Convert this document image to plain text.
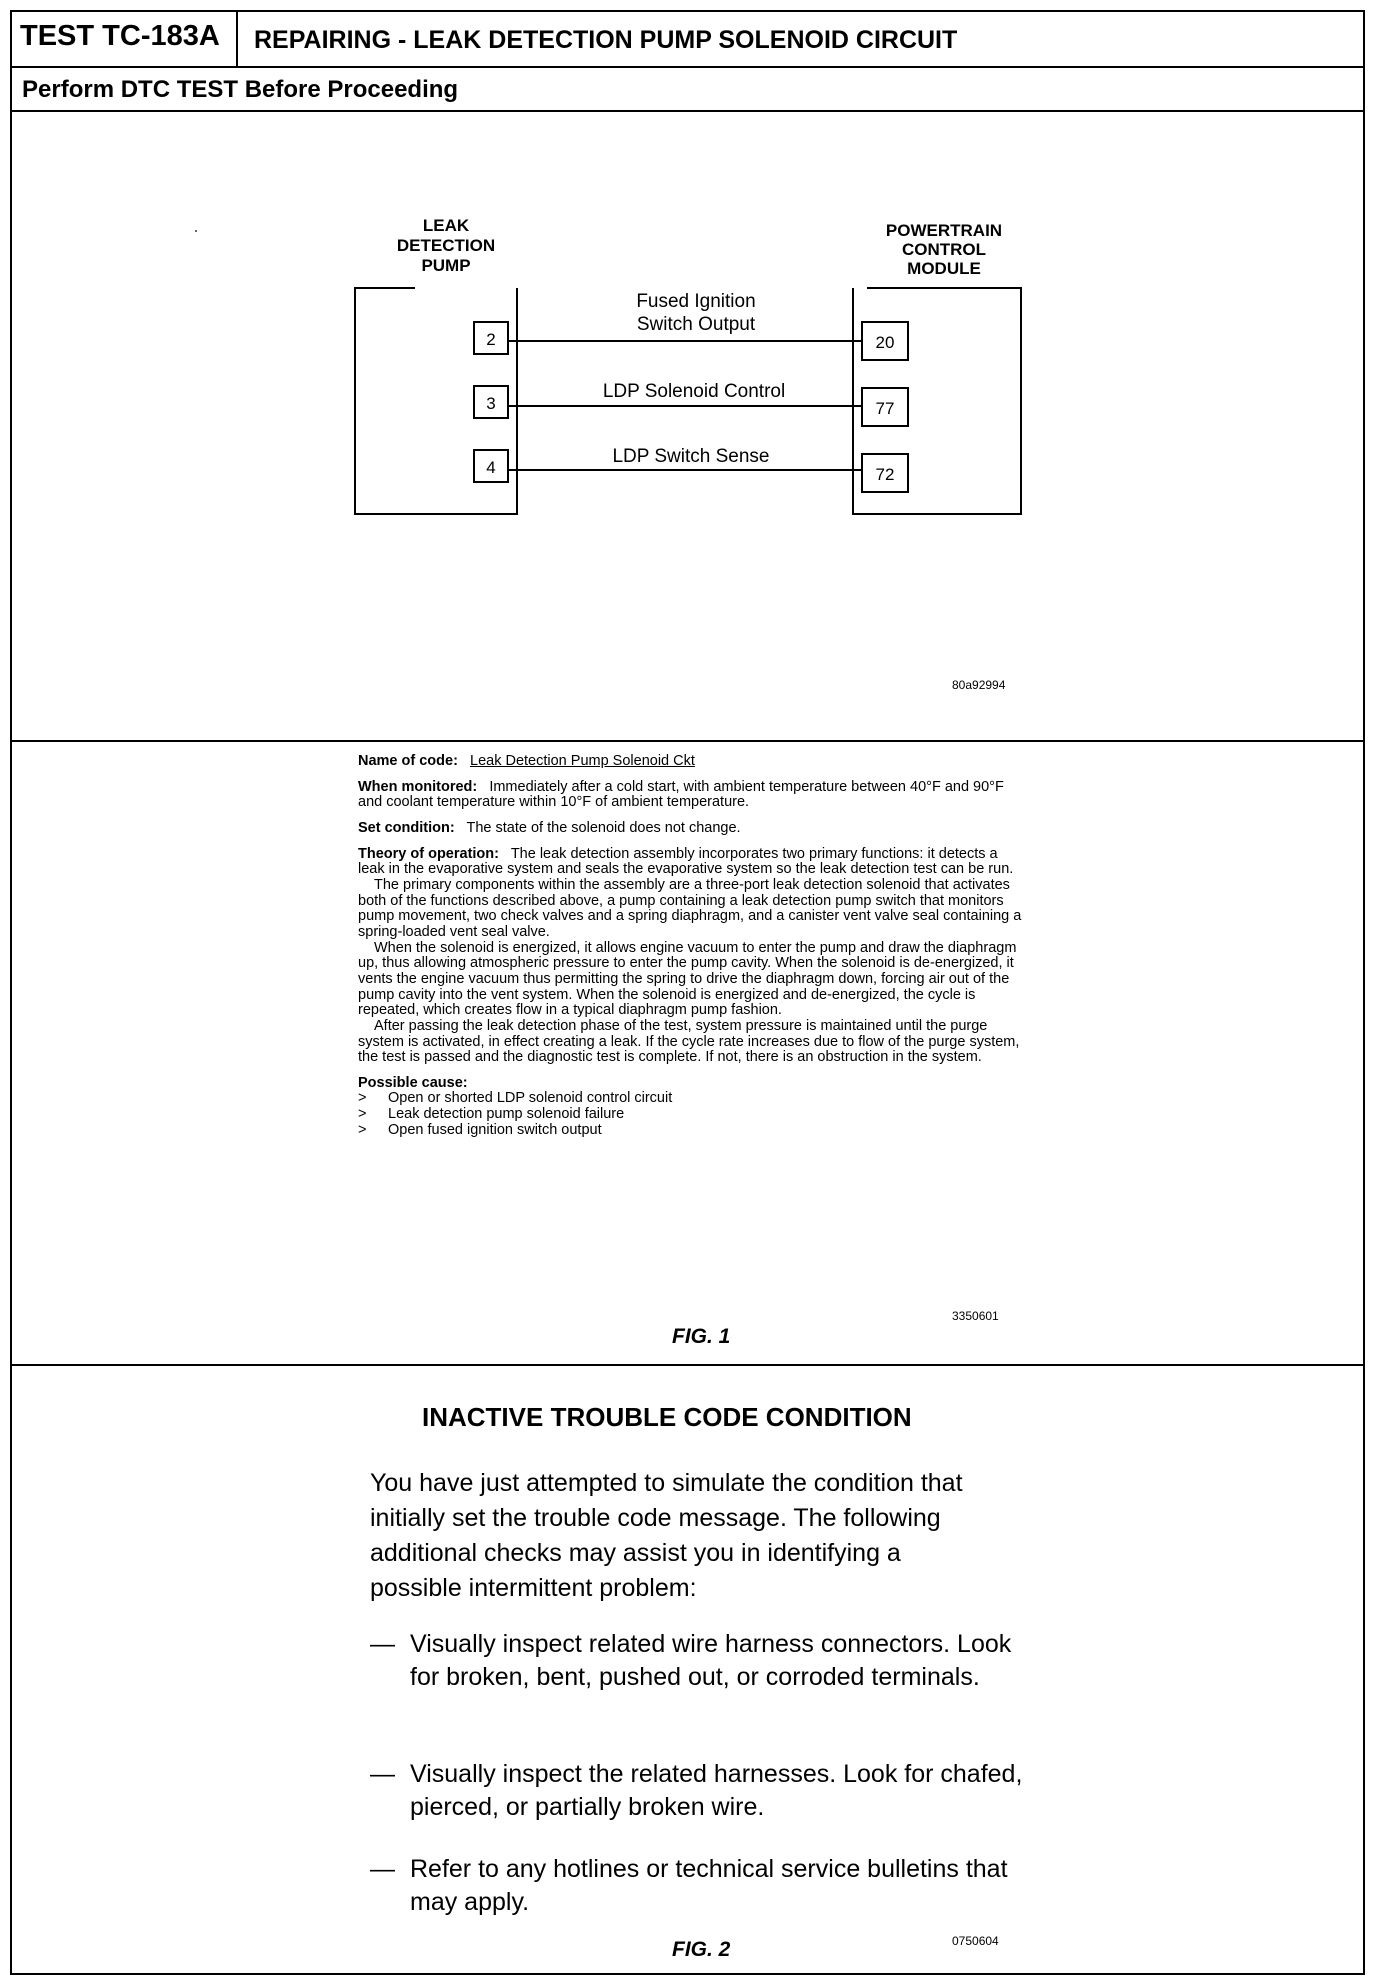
TEST TC-183A	REPAIRING - LEAK DETECTION PUMP SOLENOID CIRCUIT
Perform DTC TEST Before Proceeding
LEAK
DETECTION
PUMP
POWERTRAIN
CONTROL
MODULE
2
3
4
20
77
72
Fused Ignition
Switch Output
LDP Solenoid Control
LDP Switch Sense
80a92994

Name of code: Leak Detection Pump Solenoid Ckt

When monitored: Immediately after a cold start, with ambient temperature between 40°F and 90°F and coolant temperature within 10°F of ambient temperature.

Set condition: The state of the solenoid does not change.

Theory of operation: The leak detection assembly incorporates two primary functions: it detects a leak in the evaporative system and seals the evaporative system so the leak detection test can be run.

The primary components within the assembly are a three-port leak detection solenoid that activates both of the functions described above, a pump containing a leak detection pump switch that monitors pump movement, two check valves and a spring diaphragm, and a canister vent valve seal containing a spring-loaded vent seal valve.

When the solenoid is energized, it allows engine vacuum to enter the pump and draw the diaphragm up, thus allowing atmospheric pressure to enter the pump cavity. When the solenoid is de-energized, it vents the engine vacuum thus permitting the spring to drive the diaphragm down, forcing air out of the pump cavity into the vent system. When the solenoid is energized and de-energized, the cycle is repeated, which creates flow in a typical diaphragm pump fashion.

After passing the leak detection phase of the test, system pressure is maintained until the purge system is activated, in effect creating a leak. If the cycle rate increases due to flow of the purge system, the test is passed and the diagnostic test is complete. If not, there is an obstruction in the system.

Possible cause:
> Open or shorted LDP solenoid control circuit
> Leak detection pump solenoid failure
> Open fused ignition switch output
3350601
FIG. 1
INACTIVE TROUBLE CODE CONDITION
You have just attempted to simulate the condition that initially set the trouble code message. The following additional checks may assist you in identifying a possible intermittent problem:
— Visually inspect related wire harness connectors. Look for broken, bent, pushed out, or corroded terminals.
— Visually inspect the related harnesses. Look for chafed, pierced, or partially broken wire.
— Refer to any hotlines or technical service bulletins that may apply.
0750604
FIG. 2
